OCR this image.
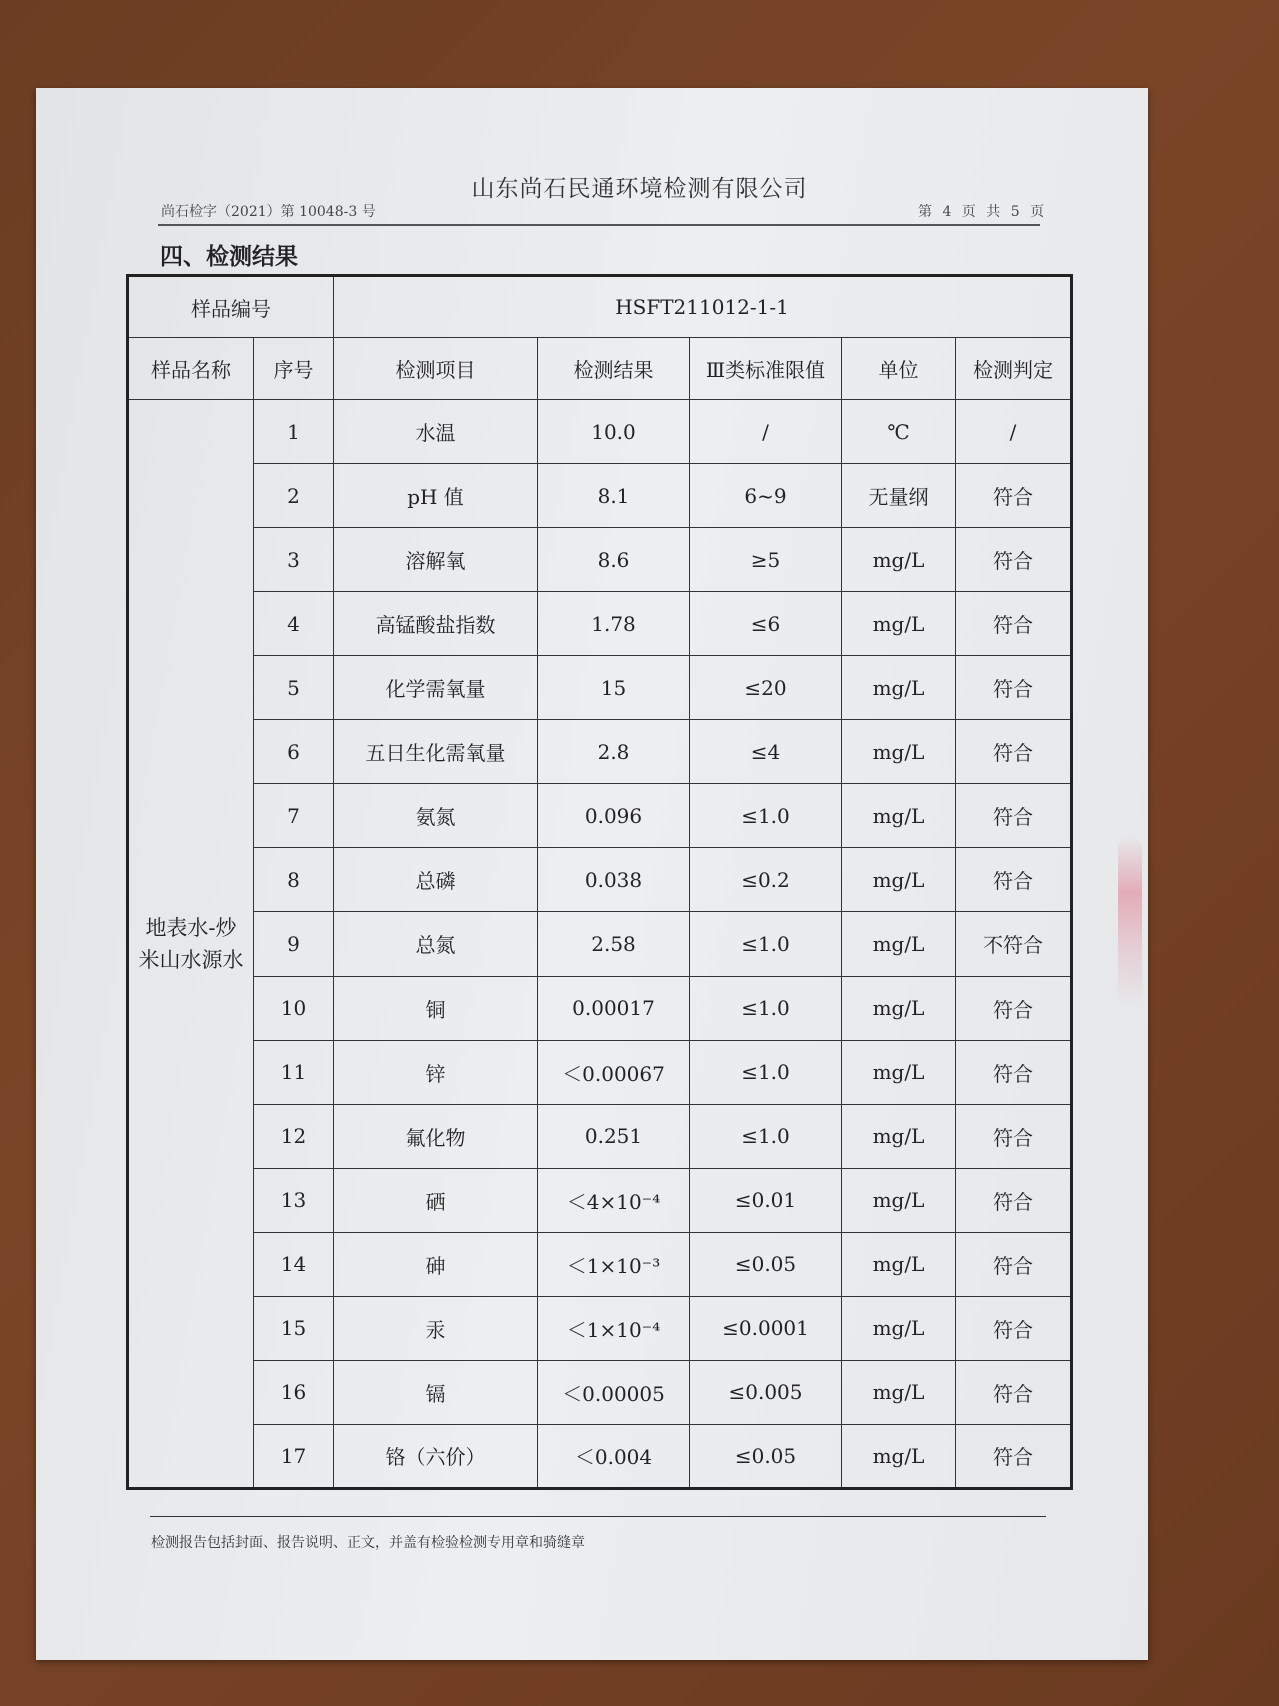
山东尚石民通环境检测有限公司
尚石检字（2021）第 10048-3 号	第 4 页 共 5 页
四、检测结果
样品编号		HSFT211012-1-1				
样品名称	序号	检测项目	检测结果	Ⅲ类标准限值	单位	检测判定
地表水-炒米山水源水	1	水温	10.0	/	℃	/
	2	pH 值	8.1	6~9	无量纲	符合
	3	溶解氧	8.6	≥5	mg/L	符合
	4	高锰酸盐指数	1.78	≤6	mg/L	符合
	5	化学需氧量	15	≤20	mg/L	符合
	6	五日生化需氧量	2.8	≤4	mg/L	符合
	7	氨氮	0.096	≤1.0	mg/L	符合
	8	总磷	0.038	≤0.2	mg/L	符合
	9	总氮	2.58	≤1.0	mg/L	不符合
	10	铜	0.00017	≤1.0	mg/L	符合
	11	锌	＜0.00067	≤1.0	mg/L	符合
	12	氟化物	0.251	≤1.0	mg/L	符合
	13	硒	＜4×10⁻⁴	≤0.01	mg/L	符合
	14	砷	＜1×10⁻³	≤0.05	mg/L	符合
	15	汞	＜1×10⁻⁴	≤0.0001	mg/L	符合
	16	镉	＜0.00005	≤0.005	mg/L	符合
	17	铬（六价）	＜0.004	≤0.05	mg/L	符合
检测报告包括封面、报告说明、正文，并盖有检验检测专用章和骑缝章
